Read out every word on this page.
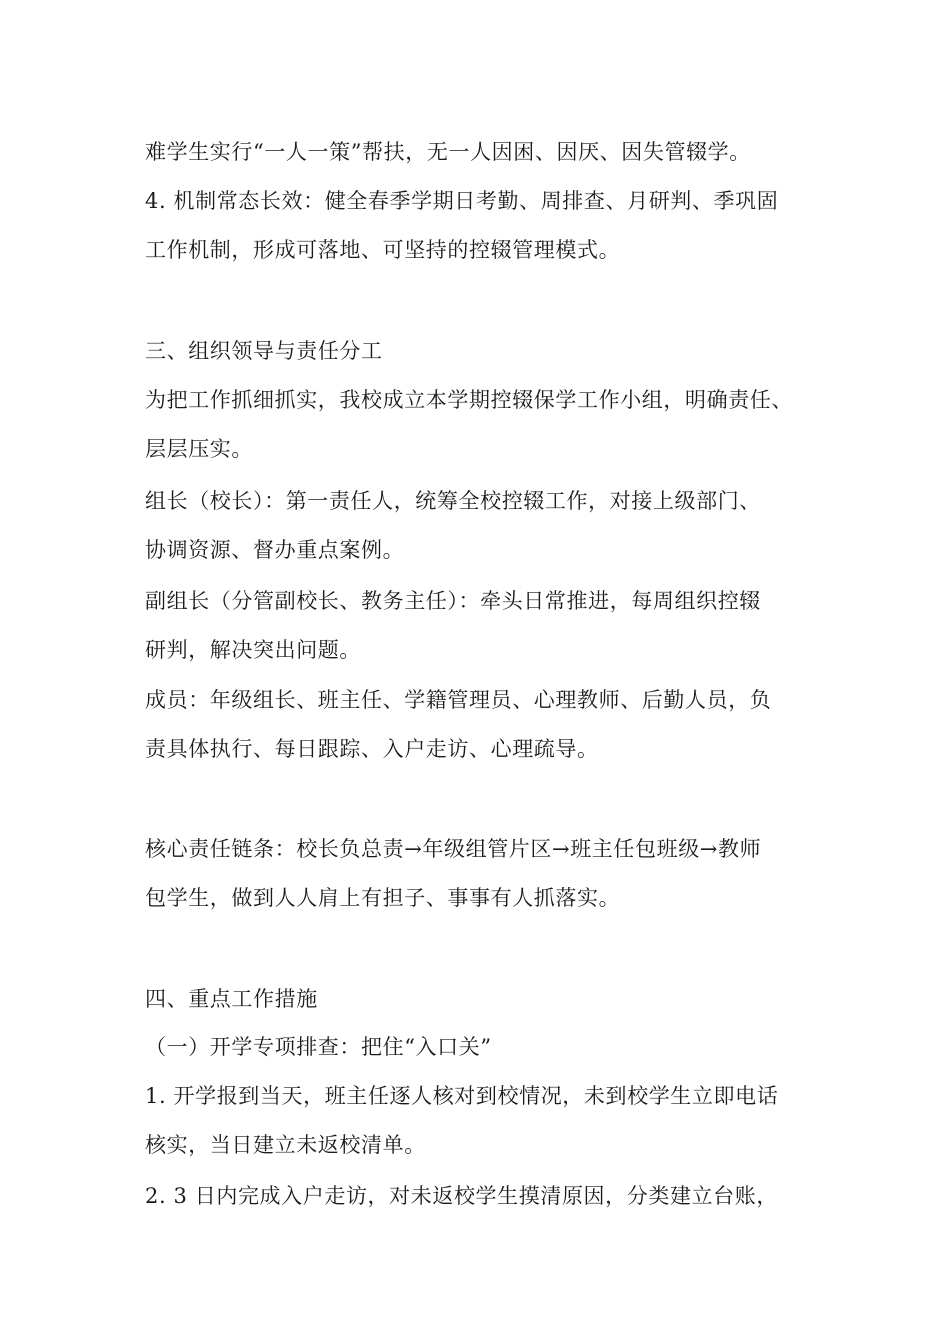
难学生实行“一人一策”帮扶，无一人因困、因厌、因失管辍学。
4. 机制常态长效：健全春季学期日考勤、周排查、月研判、季巩固
工作机制，形成可落地、可坚持的控辍管理模式。
三、组织领导与责任分工
为把工作抓细抓实，我校成立本学期控辍保学工作小组，明确责任、
层层压实。
组长（校长）：第一责任人，统筹全校控辍工作，对接上级部门、
协调资源、督办重点案例。
副组长（分管副校长、教务主任）：牵头日常推进，每周组织控辍
研判，解决突出问题。
成员：年级组长、班主任、学籍管理员、心理教师、后勤人员，负
责具体执行、每日跟踪、入户走访、心理疏导。
核心责任链条：校长负总责→年级组管片区→班主任包班级→教师
包学生，做到人人肩上有担子、事事有人抓落实。
四、重点工作措施
（一）开学专项排查：把住“入口关”
1. 开学报到当天，班主任逐人核对到校情况，未到校学生立即电话
核实，当日建立未返校清单。
2. 3 日内完成入户走访，对未返校学生摸清原因，分类建立台账，
